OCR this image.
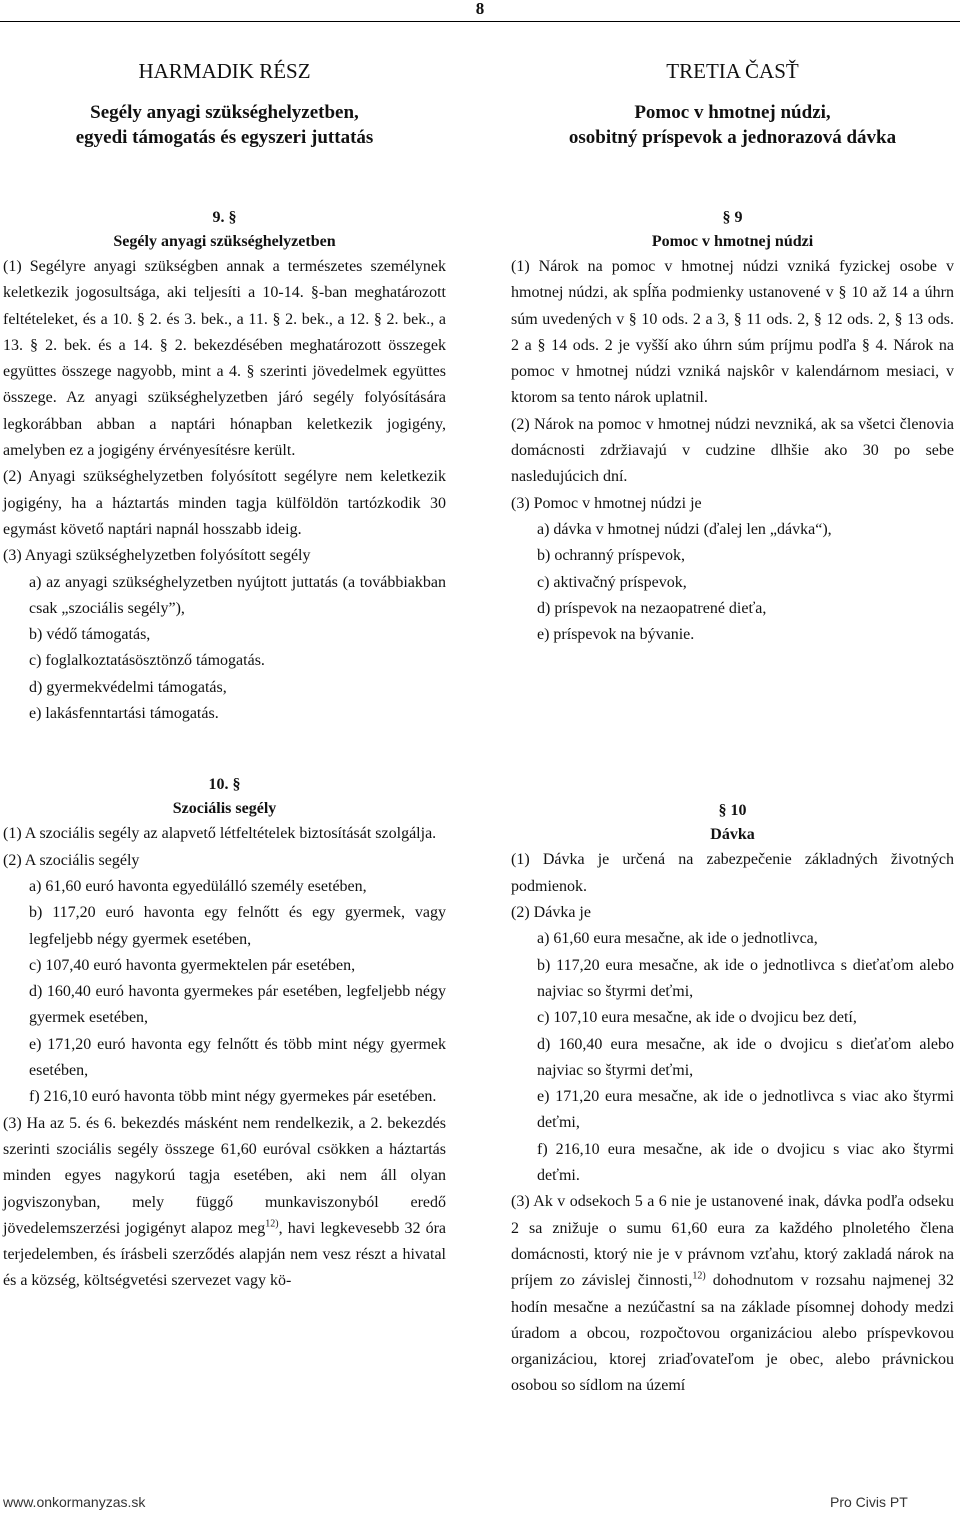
8
HARMADIK RÉSZ
Segély anyagi szükséghelyzetben,
egyedi támogatás és egyszeri juttatás
9. §
Segély anyagi szükséghelyzetben
(1) Segélyre anyagi szükségben annak a természetes személynek keletkezik jogosultsága, aki teljesíti a 10-14. §-ban meghatározott feltételeket, és a 10. § 2. és 3. bek., a 11. § 2. bek., a 12. § 2. bek., a 13. § 2. bek. és a 14. § 2. bekezdésében meghatározott összegek együttes összege nagyobb, mint a 4. § szerinti jövedelmek együttes összege. Az anyagi szükséghelyzetben járó segély folyósítására legkorábban abban a naptári hónapban keletkezik jogigény, amelyben ez a jogigény érvényesítésre került.
(2) Anyagi szükséghelyzetben folyósított segélyre nem keletkezik jogigény, ha a háztartás minden tagja külföldön tartózkodik 30 egymást követő naptári napnál hosszabb ideig.
(3) Anyagi szükséghelyzetben folyósított segély
a) az anyagi szükséghelyzetben nyújtott juttatás (a továbbiakban csak „szociális segély”),
b) védő támogatás,
c) foglalkoztatásösztönző támogatás.
d) gyermekvédelmi támogatás,
e) lakásfenntartási támogatás.
10. §
Szociális segély
(1) A szociális segély az alapvető létfeltételek biztosítását szolgálja.
(2) A szociális segély
a) 61,60 euró havonta egyedülálló személy esetében,
b) 117,20 euró havonta egy felnőtt és egy gyermek, vagy legfeljebb négy gyermek esetében,
c) 107,40 euró havonta gyermektelen pár esetében,
d) 160,40 euró havonta gyermekes pár esetében, legfeljebb négy gyermek esetében,
e) 171,20 euró havonta egy felnőtt és több mint négy gyermek esetében,
f) 216,10 euró havonta több mint négy gyermekes pár esetében.
(3) Ha az 5. és 6. bekezdés másként nem rendelkezik, a 2. bekezdés szerinti szociális segély összege 61,60 euróval csökken a háztartás minden egyes nagykorú tagja esetében, aki nem áll olyan jogviszonyban, mely függő munkaviszonyból eredő jövedelemszerzési jogigényt alapoz meg$^{12)}$, havi legkevesebb 32 óra terjedelemben, és írásbeli szerződés alapján nem vesz részt a hivatal és a község, költségvetési szervezet vagy kö-
TRETIA ČASŤ
Pomoc v hmotnej núdzi,
osobitný príspevok a jednorazová dávka
§ 9
Pomoc v hmotnej núdzi
(1) Nárok na pomoc v hmotnej núdzi vzniká fyzickej osobe v hmotnej núdzi, ak spĺňa podmienky ustanovené v § 10 až 14 a úhrn súm uvedených v § 10 ods. 2 a 3, § 11 ods. 2, § 12 ods. 2, § 13 ods. 2 a § 14 ods. 2 je vyšší ako úhrn súm príjmu podľa § 4. Nárok na pomoc v hmotnej núdzi vzniká najskôr v kalendárnom mesiaci, v ktorom sa tento nárok uplatnil.
(2) Nárok na pomoc v hmotnej núdzi nevzniká, ak sa všetci členovia domácnosti zdržiavajú v cudzine dlhšie ako 30 po sebe nasledujúcich dní.
(3) Pomoc v hmotnej núdzi je
a) dávka v hmotnej núdzi (ďalej len „dávka“),
b) ochranný príspevok,
c) aktivačný príspevok,
d) príspevok na nezaopatrené dieťa,
e) príspevok na bývanie.
§ 10
Dávka
(1) Dávka je určená na zabezpečenie základných životných podmienok.
(2) Dávka je
a) 61,60 eura mesačne, ak ide o jednotlivca,
b) 117,20 eura mesačne, ak ide o jednotlivca s dieťaťom alebo najviac so štyrmi deťmi,
c) 107,10 eura mesačne, ak ide o dvojicu bez detí,
d) 160,40 eura mesačne, ak ide o dvojicu s dieťaťom alebo najviac so štyrmi deťmi,
e) 171,20 eura mesačne, ak ide o jednotlivca s viac ako štyrmi deťmi,
f) 216,10 eura mesačne, ak ide o dvojicu s viac ako štyrmi deťmi.
(3) Ak v odsekoch 5 a 6 nie je ustanovené inak, dávka podľa odseku 2 sa znižuje o sumu 61,60 eura za každého plnoletého člena domácnosti, ktorý nie je v právnom vzťahu, ktorý zakladá nárok na príjem zo závislej činnosti,$^{12)}$ dohodnutom v rozsahu najmenej 32 hodín mesačne a nezúčastní sa na základe písomnej dohody medzi úradom a obcou, rozpočtovou organizáciou alebo príspevkovou organizáciou, ktorej zriaďovateľom je obec, alebo právnickou osobou so sídlom na území
www.onkormanyzas.sk	Pro Civis PT
